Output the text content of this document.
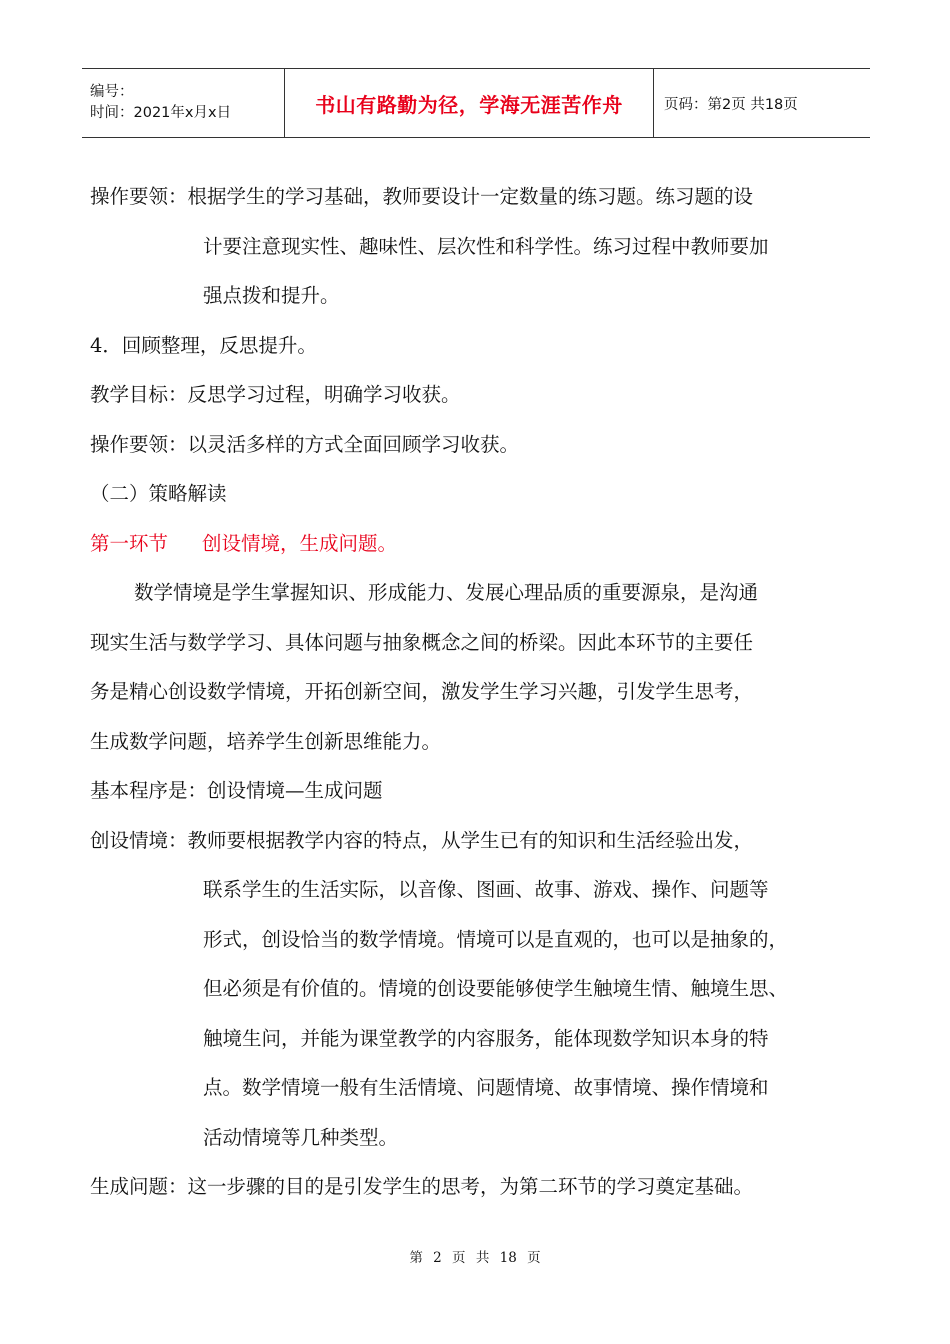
编号：
时间：2021年x月x日	书山有路勤为径，学海无涯苦作舟	页码：第2页 共18页
操作要领：根据学生的学习基础，教师要设计一定数量的练习题。练习题的设
计要注意现实性、趣味性、层次性和科学性。练习过程中教师要加
强点拨和提升。
4．回顾整理，反思提升。
教学目标：反思学习过程，明确学习收获。
操作要领：以灵活多样的方式全面回顾学习收获。
（二）策略解读
第一环节 创设情境，生成问题。
数学情境是学生掌握知识、形成能力、发展心理品质的重要源泉，是沟通
现实生活与数学学习、具体问题与抽象概念之间的桥梁。因此本环节的主要任
务是精心创设数学情境，开拓创新空间，激发学生学习兴趣，引发学生思考，
生成数学问题，培养学生创新思维能力。
基本程序是：创设情境—生成问题
创设情境：教师要根据教学内容的特点，从学生已有的知识和生活经验出发，
联系学生的生活实际，以音像、图画、故事、游戏、操作、问题等
形式，创设恰当的数学情境。情境可以是直观的，也可以是抽象的，
但必须是有价值的。情境的创设要能够使学生触境生情、触境生思、
触境生问，并能为课堂教学的内容服务，能体现数学知识本身的特
点。数学情境一般有生活情境、问题情境、故事情境、操作情境和
活动情境等几种类型。
生成问题：这一步骤的目的是引发学生的思考，为第二环节的学习奠定基础。
第 2 页 共 18 页
